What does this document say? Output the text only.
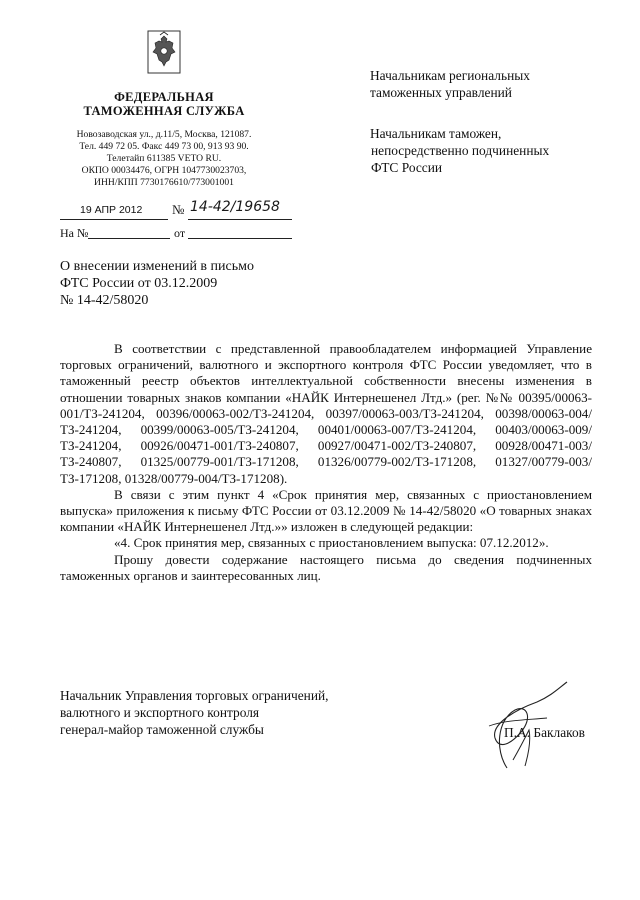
ФЕДЕРАЛЬНАЯ
ТАМОЖЕННАЯ СЛУЖБА
Новозаводская ул., д.11/5, Москва, 121087.
Тел. 449 72 05. Факс 449 73 00, 913 93 90.
Телетайп 611385 VETO RU.
ОКПО 00034476, ОГРН 1047730023703,
ИНН/КПП 7730176610/773001001
19 АПР 2012 № 14-42/19658
На №	от
Начальникам региональных
таможенных управлений
Начальникам таможен,
непосредственно подчиненных
ФТС России
О внесении изменений в письмо
ФТС России от 03.12.2009
№ 14-42/58020

В соответствии с представленной правообладателем информацией Управление торговых ограничений, валютного и экспортного контроля ФТС России уведомляет, что в таможенный реестр объектов интеллектуальной собственности внесены изменения в отношении товарных знаков компании «НАЙК Интернешенел Лтд.» (рег. №№ 00395/00063-001/ТЗ-241204, 00396/00063-002/ТЗ-241204, 00397/00063-003/ТЗ-241204, 00398/00063-004/ТЗ-241204, 00399/00063-005/ТЗ-241204, 00401/00063-007/ТЗ-241204, 00403/00063-009/ТЗ-241204, 00926/00471-001/ТЗ-240807, 00927/00471-002/ТЗ-240807, 00928/00471-003/ТЗ-240807, 01325/00779-001/ТЗ-171208, 01326/00779-002/ТЗ-171208, 01327/00779-003/ТЗ-171208, 01328/00779-004/ТЗ-171208).

В связи с этим пункт 4 «Срок принятия мер, связанных с приостановлением выпуска» приложения к письму ФТС России от 03.12.2009 № 14-42/58020 «О товарных знаках компании «НАЙК Интернешенел Лтд.»» изложен в следующей редакции:

«4. Срок принятия мер, связанных с приостановлением выпуска: 07.12.2012».

Прошу довести содержание настоящего письма до сведения подчиненных таможенных органов и заинтересованных лиц.

Начальник Управления торговых ограничений,
валютного и экспортного контроля
генерал-майор таможенной службы	П.А. Баклаков
